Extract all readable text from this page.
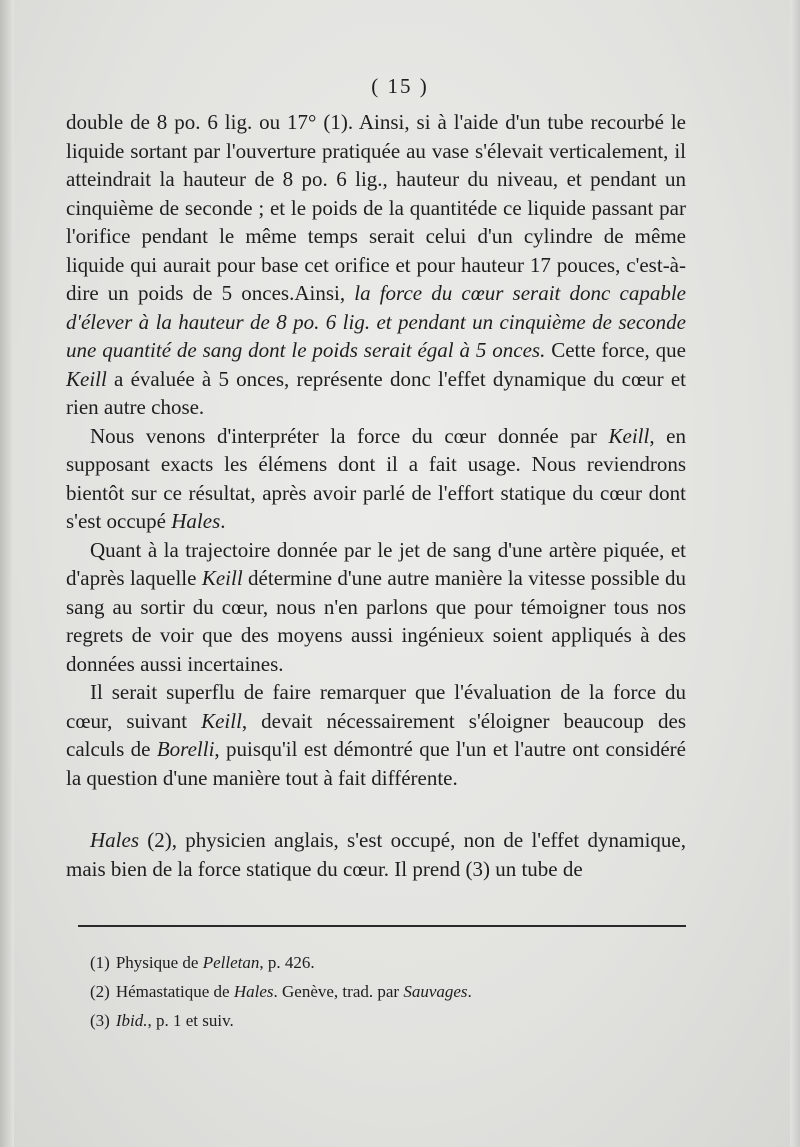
( 15 )

double de 8 po. 6 lig. ou 17° (1). Ainsi, si à l'aide d'un tube recourbé le liquide sortant par l'ouverture pratiquée au vase s'élevait verticalement, il atteindrait la hauteur de 8 po. 6 lig., hauteur du niveau, et pendant un cinquième de seconde ; et le poids de la quantitéde ce liquide passant par l'orifice pendant le même temps serait celui d'un cylindre de même liquide qui aurait pour base cet orifice et pour hauteur 17 pouces, c'est-à-dire un poids de 5 onces.Ainsi, la force du cœur serait donc capable d'élever à la hauteur de 8 po. 6 lig. et pendant un cinquième de seconde une quantité de sang dont le poids serait égal à 5 onces. Cette force, que Keill a évaluée à 5 onces, représente donc l'effet dynamique du cœur et rien autre chose.

Nous venons d'interpréter la force du cœur donnée par Keill, en supposant exacts les élémens dont il a fait usage. Nous reviendrons bientôt sur ce résultat, après avoir parlé de l'effort statique du cœur dont s'est occupé Hales.

Quant à la trajectoire donnée par le jet de sang d'une artère piquée, et d'après laquelle Keill détermine d'une autre manière la vitesse possible du sang au sortir du cœur, nous n'en parlons que pour témoigner tous nos regrets de voir que des moyens aussi ingénieux soient appliqués à des données aussi incertaines.

Il serait superflu de faire remarquer que l'évaluation de la force du cœur, suivant Keill, devait nécessairement s'éloigner beaucoup des calculs de Borelli, puisqu'il est démontré que l'un et l'autre ont considéré la question d'une manière tout à fait différente.

Hales (2), physicien anglais, s'est occupé, non de l'effet dynamique, mais bien de la force statique du cœur. Il prend (3) un tube de

(1) Physique de Pelletan, p. 426.
(2) Hémastatique de Hales. Genève, trad. par Sauvages.
(3) Ibid., p. 1 et suiv.
